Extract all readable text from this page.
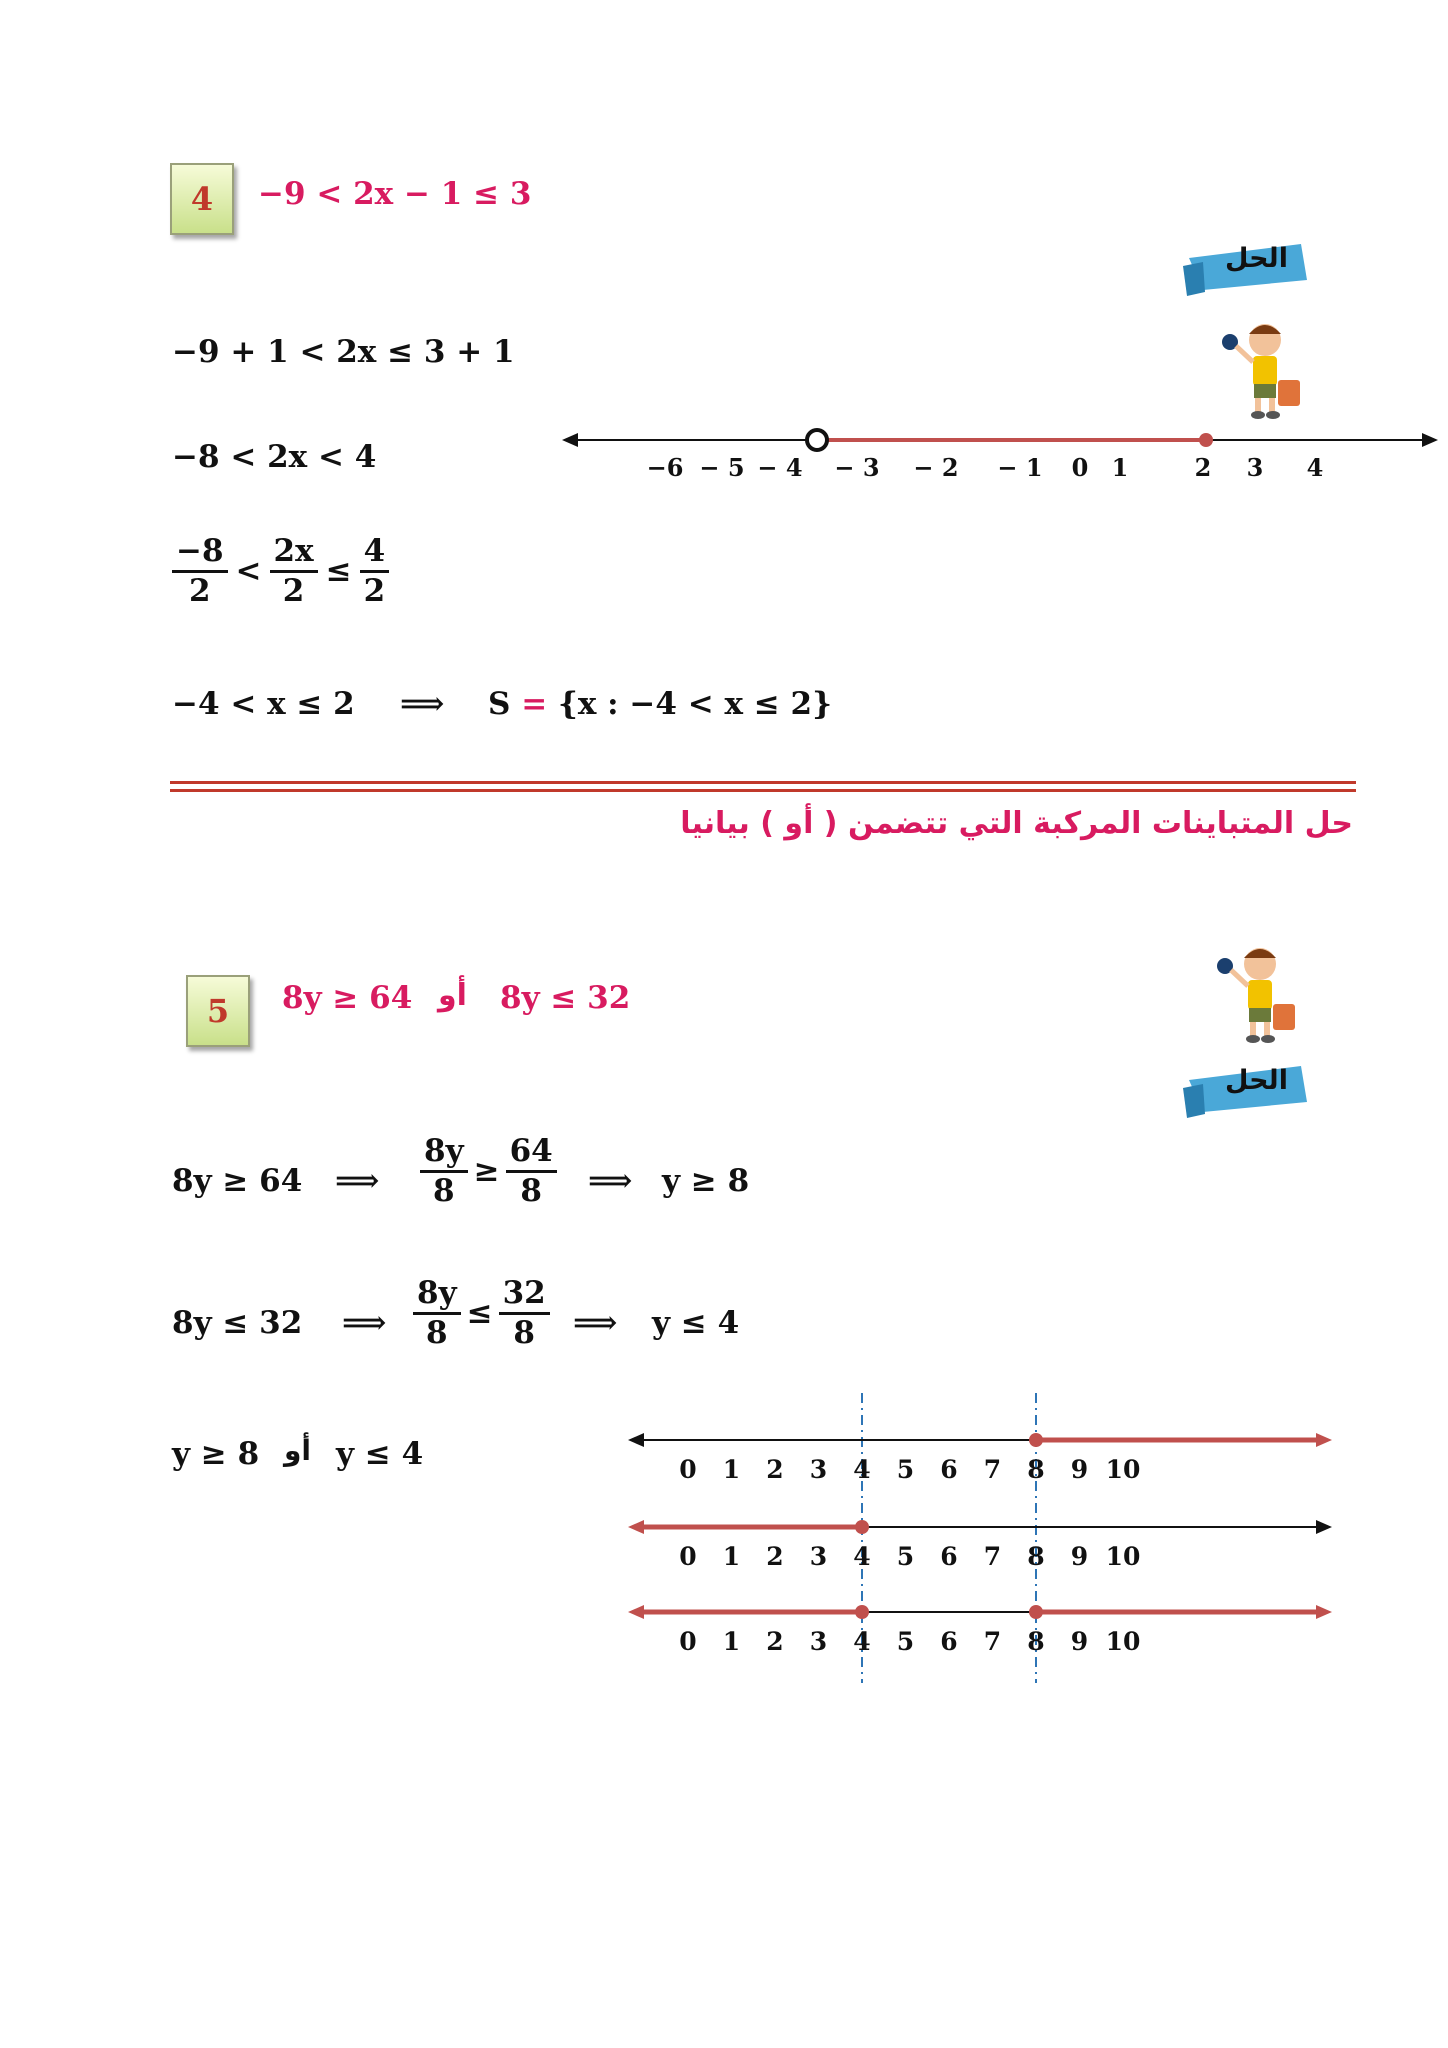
4 −9 < 2x − 1 ≤ 3
الحل
−9 + 1 < 2x ≤ 3 + 1
−8 < 2x < 4
$\frac{-8}{2} < \frac{2x}{2} \le \frac{4}{2}$
−4 < x ≤ 2 ⟹ S = {x : −4 < x ≤ 2}
−6 − 5 − 4 − 3 − 2 − 1 0 1	2 3 4
حل المتباينات المركبة التي تتضمن ( أو ) بيانيا
الحل
5 8y ≥ 64 أو 8y ≤ 32
8y ≥ 64 ⟹ $\frac{8y}{8} \ge \frac{64}{8}$ ⟹ y ≥ 8
8y ≤ 32 ⟹ $\frac{8y}{8} \le \frac{32}{8}$ ⟹ y ≤ 4
y ≥ 8 أو y ≤ 4	0 1 2 3 4 5 6 7 8 9 10
0 1 2 3 4 5 6 7 8 9 10
0 1 2 3 4 5 6 7 8 9 10
